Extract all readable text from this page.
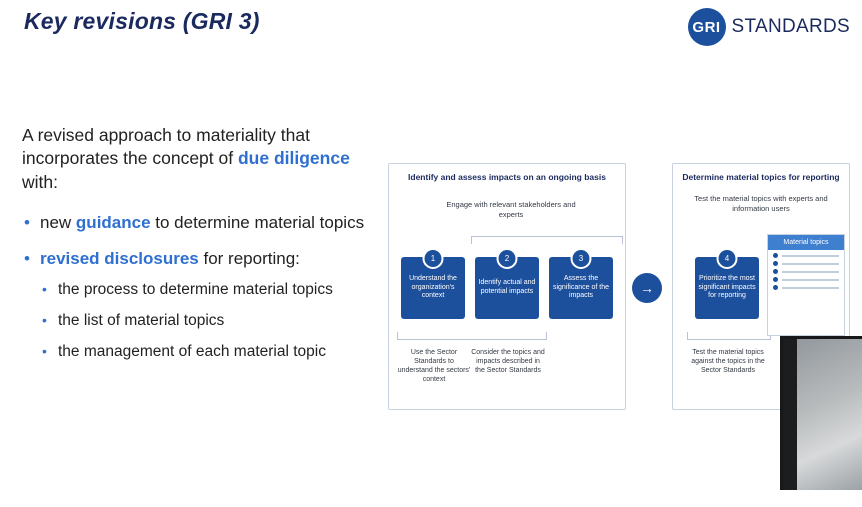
Key revisions (GRI 3)	GRI STANDARDS

A revised approach to materiality that incorporates the concept of due diligence with:

• new guidance to determine material topics
• revised disclosures for reporting:
• the process to determine material topics
• the list of material topics
• the management of each material topic
Identify and assess impacts on an ongoing basis
Engage with relevant stakeholders and experts
1
Understand the organization's context
2
Identify actual and potential impacts
3
Assess the significance of the impacts
Use the Sector Standards to understand the sectors' context
Consider the topics and impacts described in the Sector Standards
→
Determine material topics for reporting
Test the material topics with experts and information users
4
Prioritize the most significant impacts for reporting
Material topics
Test the material topics against the topics in the Sector Standards
